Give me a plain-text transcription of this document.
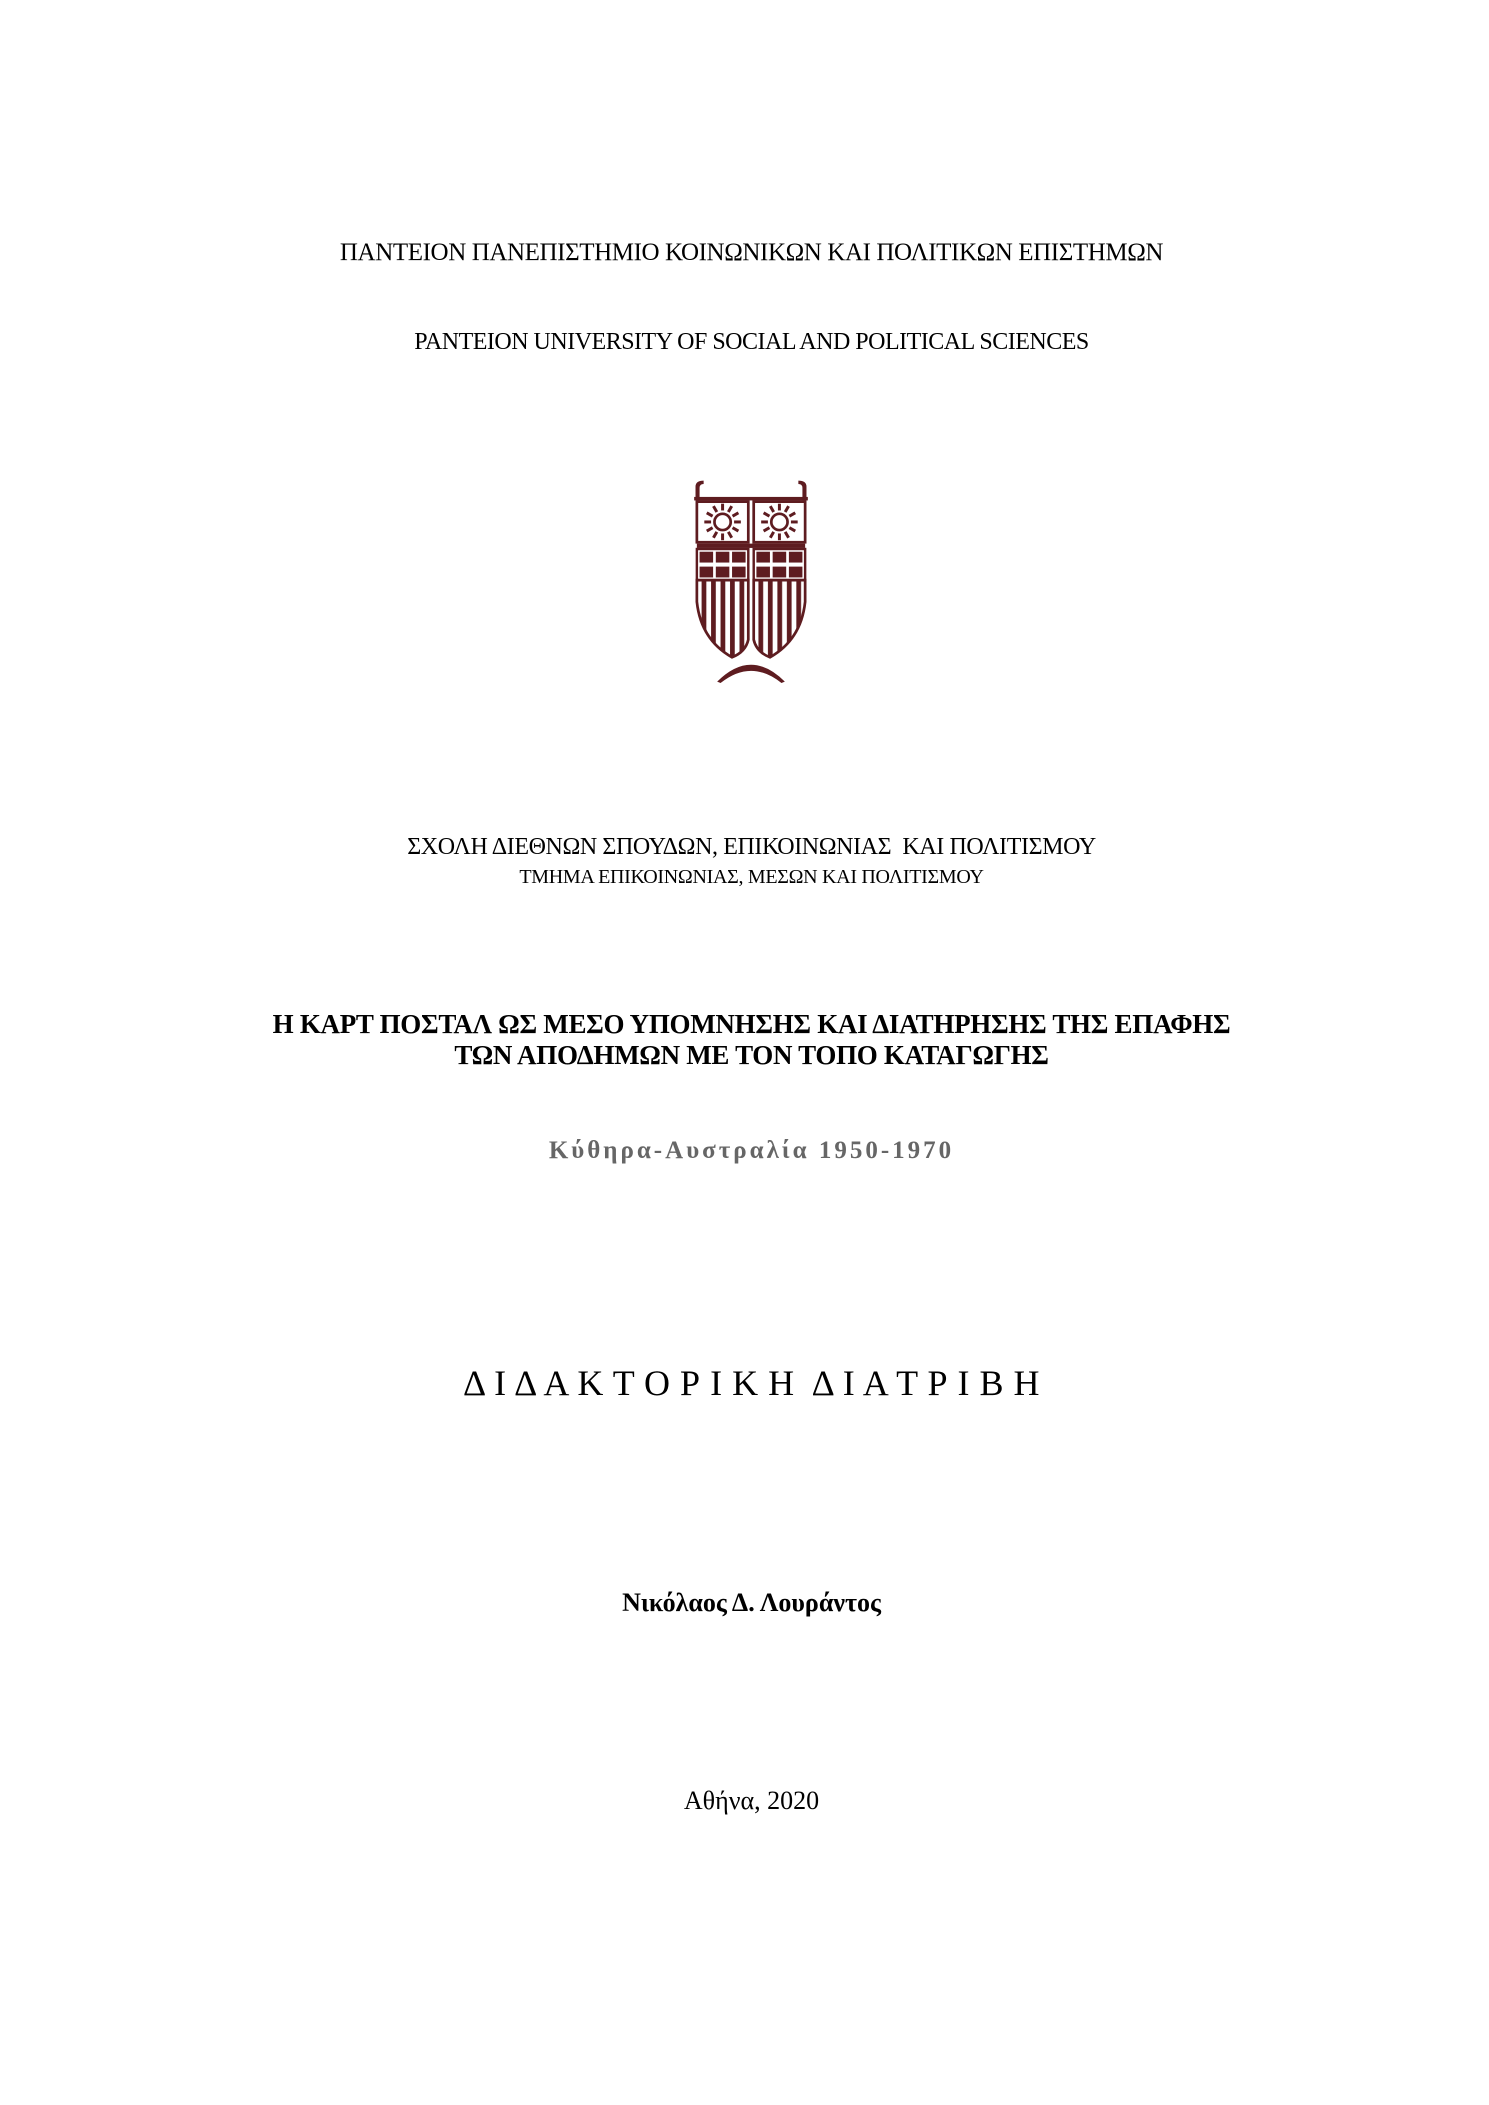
ΠΑΝΤΕΙΟΝ ΠΑΝΕΠΙΣΤΗΜΙΟ ΚΟΙΝΩΝΙΚΩΝ ΚΑΙ ΠΟΛΙΤΙΚΩΝ ΕΠΙΣΤΗΜΩΝ
PANTEION UNIVERSITY OF SOCIAL AND POLITICAL SCIENCES
ΣΧΟΛΗ ΔΙΕΘΝΩΝ ΣΠΟΥΔΩΝ, ΕΠΙΚΟΙΝΩΝΙΑΣ  ΚΑΙ ΠΟΛΙΤΙΣΜΟΥ
ΤΜΗΜΑ ΕΠΙΚΟΙΝΩΝΙΑΣ, ΜΕΣΩΝ ΚΑΙ ΠΟΛΙΤΙΣΜΟΥ
Η ΚΑΡΤ ΠΟΣΤΑΛ ΩΣ ΜΕΣΟ ΥΠΟΜΝΗΣΗΣ ΚΑΙ ΔΙΑΤΗΡΗΣΗΣ ΤΗΣ ΕΠΑΦΗΣ
ΤΩΝ ΑΠΟΔΗΜΩΝ ΜΕ ΤΟΝ ΤΟΠΟ ΚΑΤΑΓΩΓΗΣ
Κύθηρα-Αυστραλία 1950-1970
Δ Ι Δ Α Κ Τ Ο Ρ Ι Κ Η  Δ Ι Α Τ Ρ Ι Β Η
Νικόλαος Δ. Λουράντος
Αθήνα, 2020
